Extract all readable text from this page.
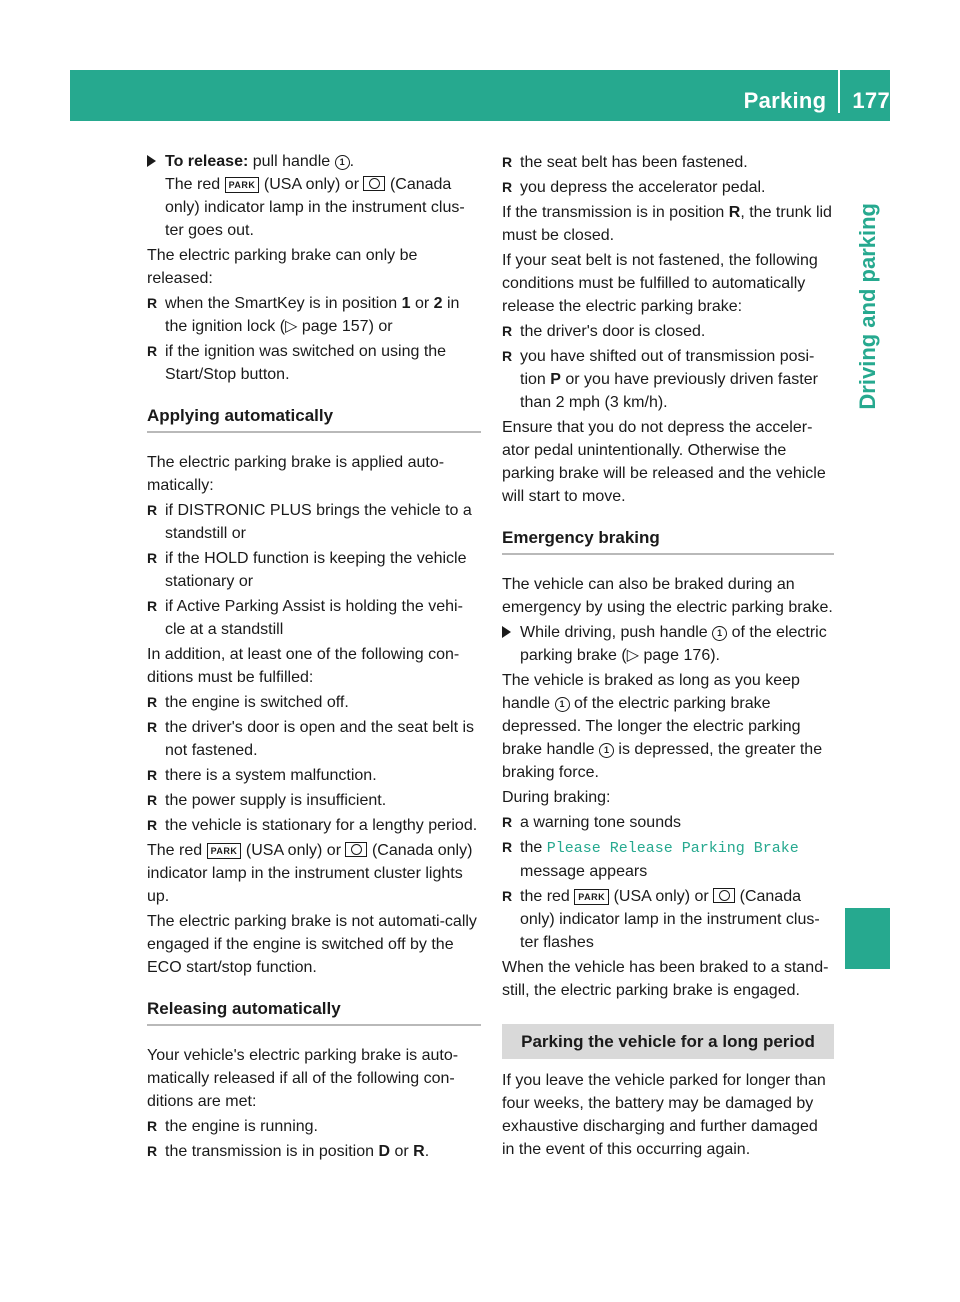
Parking 177
Driving and parking
To release: pull handle 1 .
The red PARK (USA only) or (Canada only) indicator lamp in the instrument clus-ter goes out.

The electric parking brake can only be released:

R when the SmartKey is in position 1 or 2 in the ignition lock (▷ page 157) or
R if the ignition was switched on using the Start/Stop button.
Applying automatically

The electric parking brake is applied auto-matically:

R if DISTRONIC PLUS brings the vehicle to a standstill or
R if the HOLD function is keeping the vehicle stationary or
R if Active Parking Assist is holding the vehi-cle at a standstill

In addition, at least one of the following con-ditions must be fulfilled:

R the engine is switched off.
R the driver's door is open and the seat belt is not fastened.
R there is a system malfunction.
R the power supply is insufficient.
R the vehicle is stationary for a lengthy period.

The red PARK (USA only) or (Canada only) indicator lamp in the instrument cluster lights up.

The electric parking brake is not automati-cally engaged if the engine is switched off by the ECO start/stop function.

Releasing automatically

Your vehicle's electric parking brake is auto-matically released if all of the following con-ditions are met:

R the engine is running.
R the transmission is in position D or R.
R the seat belt has been fastened.
R you depress the accelerator pedal.

If the transmission is in position R, the trunk lid must be closed.

If your seat belt is not fastened, the following conditions must be fulfilled to automatically release the electric parking brake:

R the driver's door is closed.
R you have shifted out of transmission posi-tion P or you have previously driven faster than 2 mph (3 km/h).

Ensure that you do not depress the acceler-ator pedal unintentionally. Otherwise the parking brake will be released and the vehicle will start to move.

Emergency braking

The vehicle can also be braked during an emergency by using the electric parking brake.

While driving, push handle 1 of the electric parking brake (▷ page 176).

The vehicle is braked as long as you keep handle 1 of the electric parking brake depressed. The longer the electric parking brake handle 1 is depressed, the greater the braking force.

During braking:

R a warning tone sounds
R the Please Release Parking Brake message appears
R the red PARK (USA only) or (Canada only) indicator lamp in the instrument clus-ter flashes

When the vehicle has been braked to a stand-still, the electric parking brake is engaged.

Parking the vehicle for a long period

If you leave the vehicle parked for longer than four weeks, the battery may be damaged by exhaustive discharging and further damaged in the event of this occurring again.
